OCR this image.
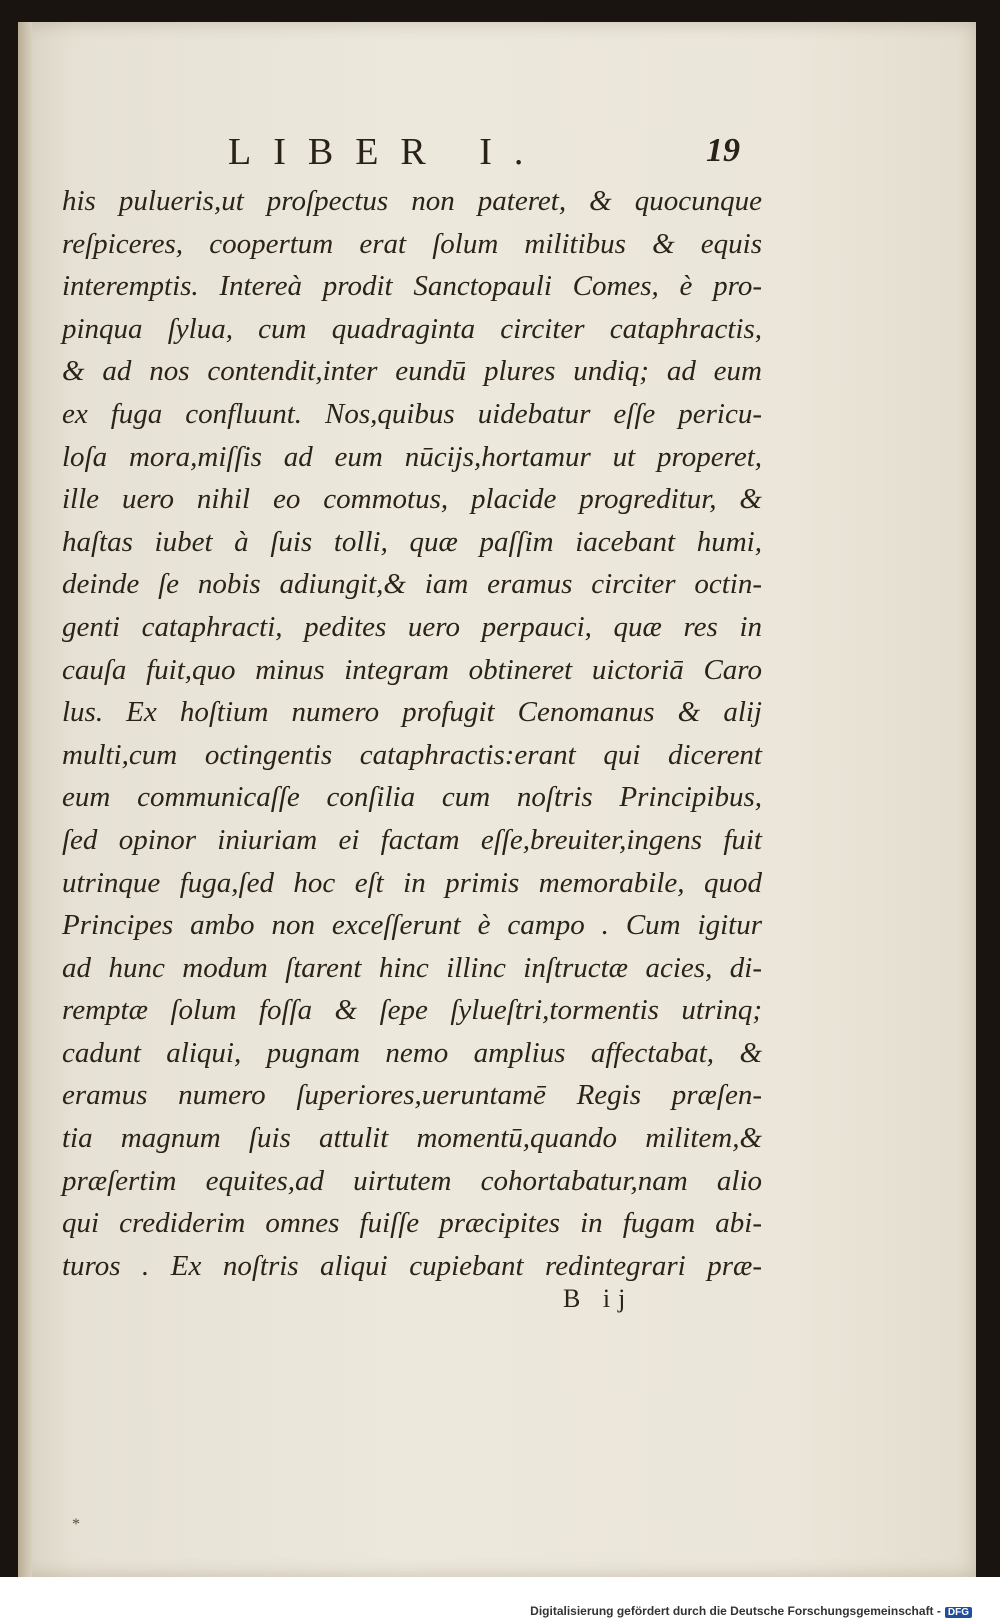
LIBER I.	19
his pulueris,ut proſpectus non pateret, & quocunque
reſpiceres, coopertum erat ſolum militibus & equis
interemptis. Intereà prodit Sanctopauli Comes, è pro-
pinqua ſylua, cum quadraginta circiter cataphractis,
& ad nos contendit,inter eundū plures undiq; ad eum
ex fuga confluunt. Nos,quibus uidebatur eſſe pericu-
loſa mora,miſſis ad eum nūcijs,hortamur ut properet,
ille uero nihil eo commotus, placide progreditur, &
haſtas iubet à ſuis tolli, quæ paſſim iacebant humi,
deinde ſe nobis adiungit,& iam eramus circiter octin-
genti cataphracti, pedites uero perpauci, quæ res in
cauſa fuit,quo minus integram obtineret uictoriā Caro
lus. Ex hoſtium numero profugit Cenomanus & alij
multi,cum octingentis cataphractis:erant qui dicerent
eum communicaſſe conſilia cum noſtris Principibus,
ſed opinor iniuriam ei factam eſſe,breuiter,ingens fuit
utrinque fuga,ſed hoc eſt in primis memorabile, quod
Principes ambo non exceſſerunt è campo . Cum igitur
ad hunc modum ſtarent hinc illinc inſtructæ acies, di-
remptæ ſolum foſſa & ſepe ſylueſtri,tormentis utrinq;
cadunt aliqui, pugnam nemo amplius affectabat, &
eramus numero ſuperiores,ueruntamē Regis præſen-
tia magnum ſuis attulit momentū,quando militem,&
præſertim equites,ad uirtutem cohortabatur,nam alio
qui crediderim omnes fuiſſe præcipites in fugam abi-
turos . Ex noſtris aliqui cupiebant redintegrari præ-
B ij
*
Digitalisierung gefördert durch die Deutsche Forschungsgemeinschaft - DFG
